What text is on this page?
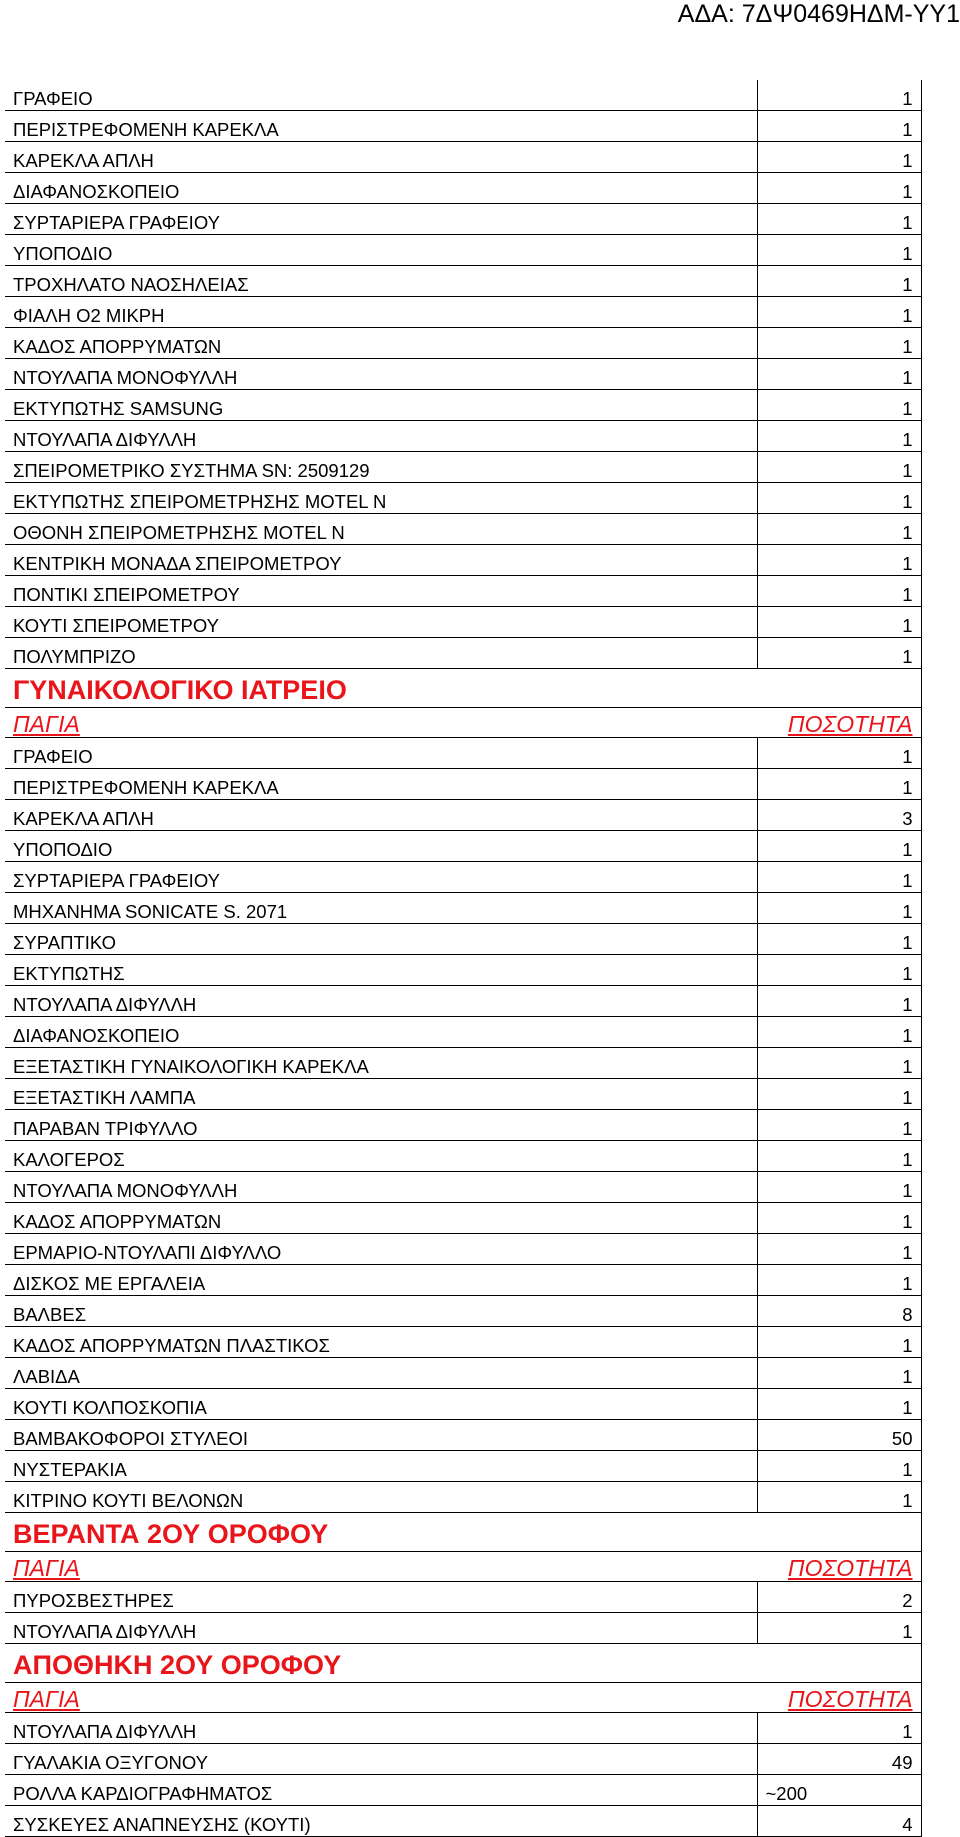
ΑΔΑ: 7ΔΨ0469ΗΔΜ-ΥΥ1
ΓΡΑΦΕΙΟ	1
ΠΕΡΙΣΤΡΕΦΟΜΕΝΗ ΚΑΡΕΚΛΑ	1
ΚΑΡΕΚΛΑ ΑΠΛΗ	1
ΔΙΑΦΑΝΟΣΚΟΠΕΙΟ	1
ΣΥΡΤΑΡΙΕΡΑ ΓΡΑΦΕΙΟΥ	1
ΥΠΟΠΟΔΙΟ	1
ΤΡΟΧΗΛΑΤΟ ΝΑΟΣΗΛΕΙΑΣ	1
ΦΙΑΛΗ Ο2 ΜΙΚΡΗ	1
ΚΑΔΟΣ ΑΠΟΡΡΥΜΑΤΩΝ	1
ΝΤΟΥΛΑΠΑ ΜΟΝΟΦΥΛΛΗ	1
ΕΚΤΥΠΩΤΗΣ SAMSUNG	1
ΝΤΟΥΛΑΠΑ ΔΙΦΥΛΛΗ	1
ΣΠΕΙΡΟΜΕΤΡΙΚΟ ΣΥΣΤΗΜΑ SN: 2509129	1
ΕΚΤΥΠΩΤΗΣ ΣΠΕΙΡΟΜΕΤΡΗΣΗΣ MOTEL N	1
ΟΘΟΝΗ ΣΠΕΙΡΟΜΕΤΡΗΣΗΣ MOTEL N	1
ΚΕΝΤΡΙΚΗ ΜΟΝΑΔΑ ΣΠΕΙΡΟΜΕΤΡΟΥ	1
ΠΟΝΤΙΚΙ ΣΠΕΙΡΟΜΕΤΡΟΥ	1
ΚΟΥΤΙ ΣΠΕΙΡΟΜΕΤΡΟΥ	1
ΠΟΛΥΜΠΡΙΖΟ	1
ΓΥΝΑΙΚΟΛΟΓΙΚΟ ΙΑΤΡΕΙΟ	
ΠΑΓΙΑ	ΠΟΣΟΤΗΤΑ
ΓΡΑΦΕΙΟ	1
ΠΕΡΙΣΤΡΕΦΟΜΕΝΗ ΚΑΡΕΚΛΑ	1
ΚΑΡΕΚΛΑ ΑΠΛΗ	3
ΥΠΟΠΟΔΙΟ	1
ΣΥΡΤΑΡΙΕΡΑ ΓΡΑΦΕΙΟΥ	1
ΜΗΧΑΝΗΜΑ SONICATE S. 2071	1
ΣΥΡΑΠΤΙΚΟ	1
ΕΚΤΥΠΩΤΗΣ	1
ΝΤΟΥΛΑΠΑ ΔΙΦΥΛΛΗ	1
ΔΙΑΦΑΝΟΣΚΟΠΕΙΟ	1
ΕΞΕΤΑΣΤΙΚΗ ΓΥΝΑΙΚΟΛΟΓΙΚΗ ΚΑΡΕΚΛΑ	1
ΕΞΕΤΑΣΤΙΚΗ ΛΑΜΠΑ	1
ΠΑΡΑΒΑΝ ΤΡΙΦΥΛΛΟ	1
ΚΑΛΟΓΕΡΟΣ	1
ΝΤΟΥΛΑΠΑ ΜΟΝΟΦΥΛΛΗ	1
ΚΑΔΟΣ ΑΠΟΡΡΥΜΑΤΩΝ	1
ΕΡΜΑΡΙΟ-ΝΤΟΥΛΑΠΙ ΔΙΦΥΛΛΟ	1
ΔΙΣΚΟΣ ΜΕ ΕΡΓΑΛΕΙΑ	1
ΒΑΛΒΕΣ	8
ΚΑΔΟΣ ΑΠΟΡΡΥΜΑΤΩΝ ΠΛΑΣΤΙΚΟΣ	1
ΛΑΒΙΔΑ	1
ΚΟΥΤΙ ΚΟΛΠΟΣΚΟΠΙΑ	1
ΒΑΜΒΑΚΟΦΟΡΟΙ ΣΤΥΛΕΟΙ	50
ΝΥΣΤΕΡΑΚΙΑ	1
ΚΙΤΡΙΝΟ ΚΟΥΤΙ ΒΕΛΟΝΩΝ	1
ΒΕΡΑΝΤΑ 2ΟΥ ΟΡΟΦΟΥ	
ΠΑΓΙΑ	ΠΟΣΟΤΗΤΑ
ΠΥΡΟΣΒΕΣΤΗΡΕΣ	2
ΝΤΟΥΛΑΠΑ ΔΙΦΥΛΛΗ	1
ΑΠΟΘΗΚΗ 2ΟΥ ΟΡΟΦΟΥ	
ΠΑΓΙΑ	ΠΟΣΟΤΗΤΑ
ΝΤΟΥΛΑΠΑ ΔΙΦΥΛΛΗ	1
ΓΥΑΛΑΚΙΑ ΟΞΥΓΟΝΟΥ	49
ΡΟΛΛΑ ΚΑΡΔΙΟΓΡΑΦΗΜΑΤΟΣ	~200
ΣΥΣΚΕΥΕΣ ΑΝΑΠΝΕΥΣΗΣ (ΚΟΥΤΙ)	4
